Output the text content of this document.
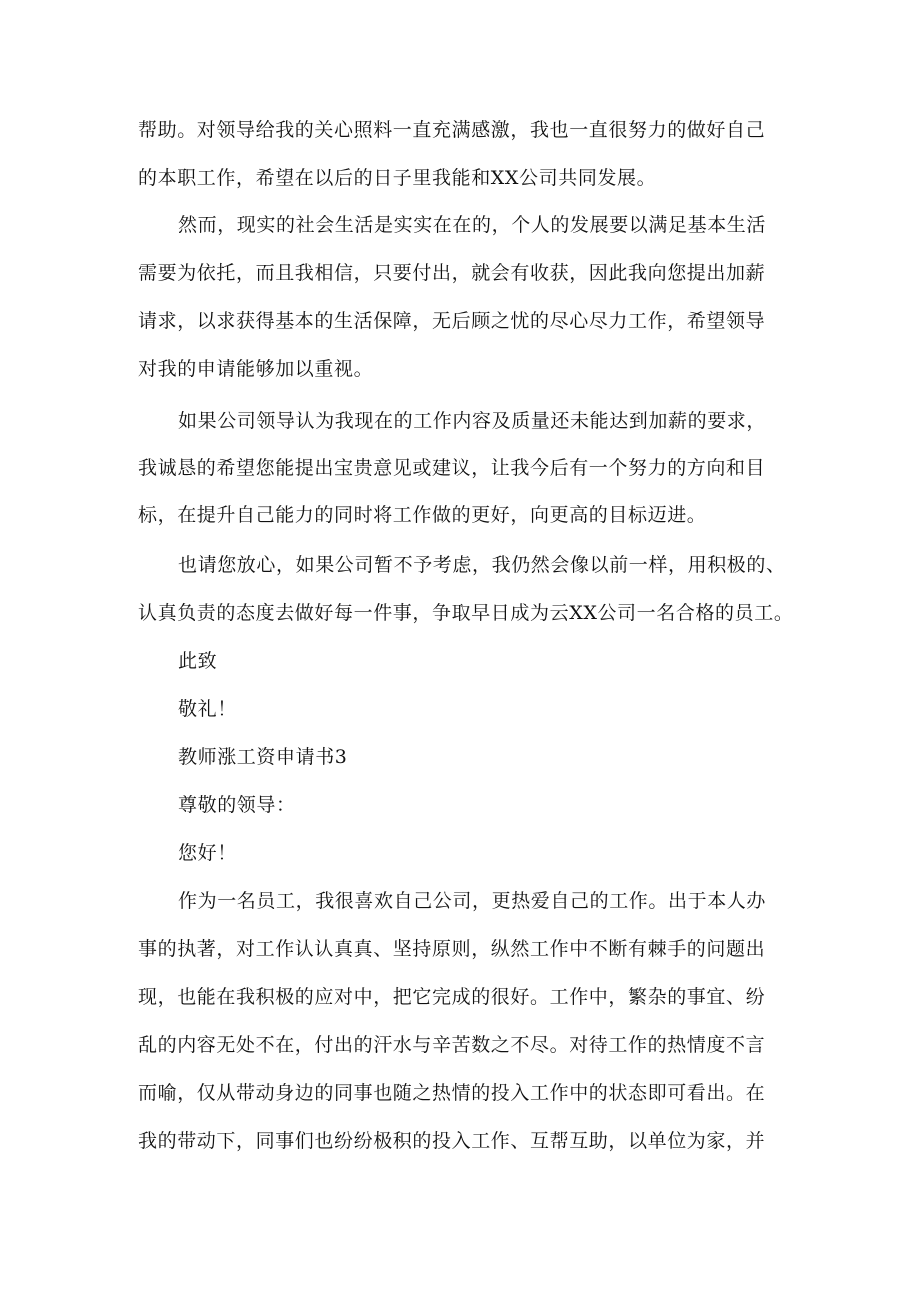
帮助。对领导给我的关心照料一直充满感激，我也一直很努力的做好自己
的本职工作，希望在以后的日子里我能和XX公司共同发展。
然而，现实的社会生活是实实在在的，个人的发展要以满足基本生活
需要为依托，而且我相信，只要付出，就会有收获，因此我向您提出加薪
请求，以求获得基本的生活保障，无后顾之忧的尽心尽力工作，希望领导
对我的申请能够加以重视。
如果公司领导认为我现在的工作内容及质量还未能达到加薪的要求，
我诚恳的希望您能提出宝贵意见或建议，让我今后有一个努力的方向和目
标，在提升自己能力的同时将工作做的更好，向更高的目标迈进。
也请您放心，如果公司暂不予考虑，我仍然会像以前一样，用积极的、
认真负责的态度去做好每一件事，争取早日成为云XX公司一名合格的员工。
此致
敬礼！
教师涨工资申请书3
尊敬的领导：
您好！
作为一名员工，我很喜欢自己公司，更热爱自己的工作。出于本人办
事的执著，对工作认认真真、坚持原则，纵然工作中不断有棘手的问题出
现，也能在我积极的应对中，把它完成的很好。工作中，繁杂的事宜、纷
乱的内容无处不在，付出的汗水与辛苦数之不尽。对待工作的热情度不言
而喻，仅从带动身边的同事也随之热情的投入工作中的状态即可看出。在
我的带动下，同事们也纷纷极积的投入工作、互帮互助，以单位为家，并
